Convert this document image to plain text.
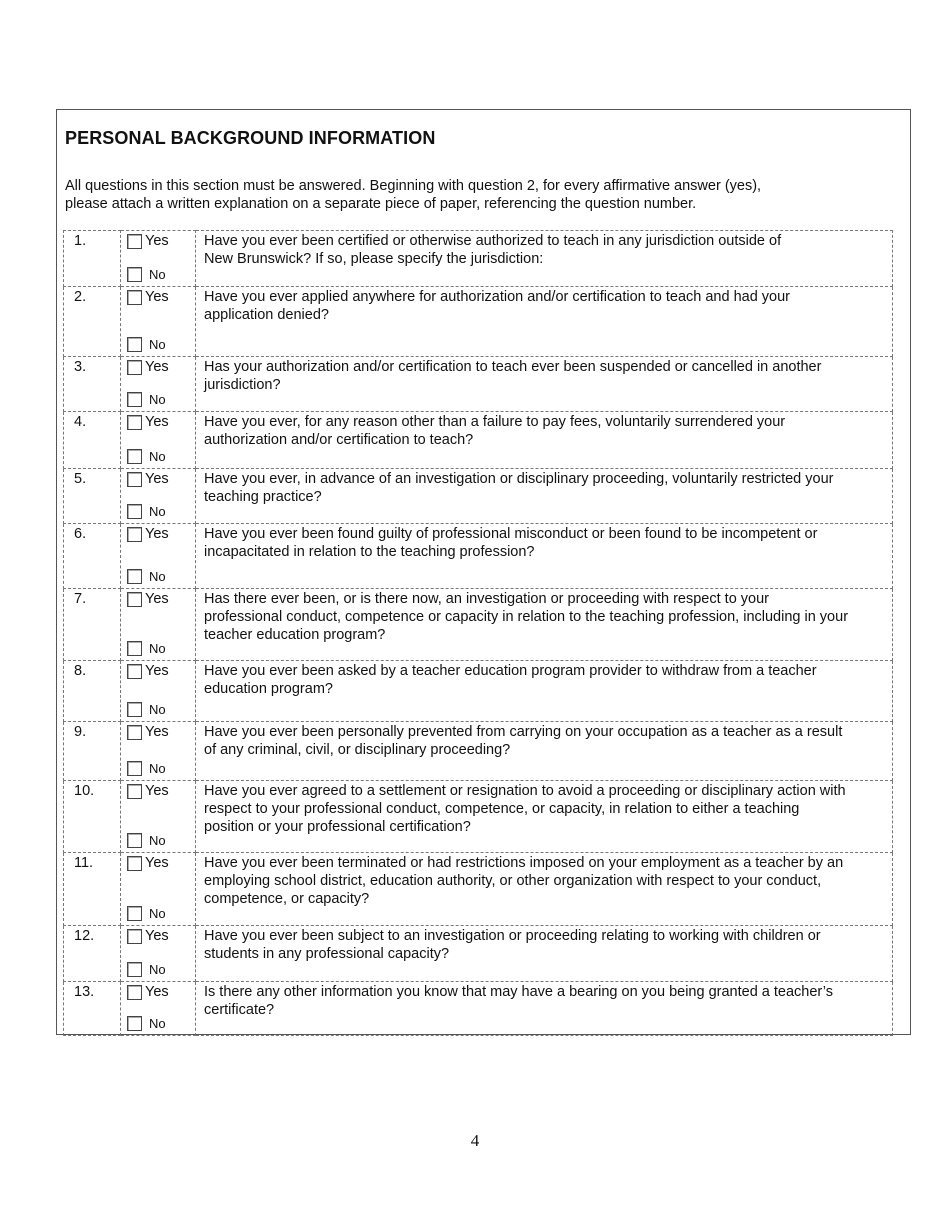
PERSONAL BACKGROUND INFORMATION

All questions in this section must be answered. Beginning with question 2, for every affirmative answer (yes),
please attach a written explanation on a separate piece of paper, referencing the question number.

1.	Yes
No	Have you ever been certified or otherwise authorized to teach in any jurisdiction outside of
New Brunswick? If so, please specify the jurisdiction:
2.	Yes
No	Have you ever applied anywhere for authorization and/or certification to teach and had your
application denied?
3.	Yes
No	Has your authorization and/or certification to teach ever been suspended or cancelled in another
jurisdiction?
4.	Yes
No	Have you ever, for any reason other than a failure to pay fees, voluntarily surrendered your
authorization and/or certification to teach?
5.	Yes
No	Have you ever, in advance of an investigation or disciplinary proceeding, voluntarily restricted your
teaching practice?
6.	Yes
No	Have you ever been found guilty of professional misconduct or been found to be incompetent or
incapacitated in relation to the teaching profession?
7.	Yes
No	Has there ever been, or is there now, an investigation or proceeding with respect to your
professional conduct, competence or capacity in relation to the teaching profession, including in your
teacher education program?
8.	Yes
No	Have you ever been asked by a teacher education program provider to withdraw from a teacher
education program?
9.	Yes
No	Have you ever been personally prevented from carrying on your occupation as a teacher as a result
of any criminal, civil, or disciplinary proceeding?
10.	Yes
No	Have you ever agreed to a settlement or resignation to avoid a proceeding or disciplinary action with
respect to your professional conduct, competence, or capacity, in relation to either a teaching
position or your professional certification?
11.	Yes
No	Have you ever been terminated or had restrictions imposed on your employment as a teacher by an
employing school district, education authority, or other organization with respect to your conduct,
competence, or capacity?
12.	Yes
No	Have you ever been subject to an investigation or proceeding relating to working with children or
students in any professional capacity?
13.	Yes
No	Is there any other information you know that may have a bearing on you being granted a teacher’s
certificate?

4
